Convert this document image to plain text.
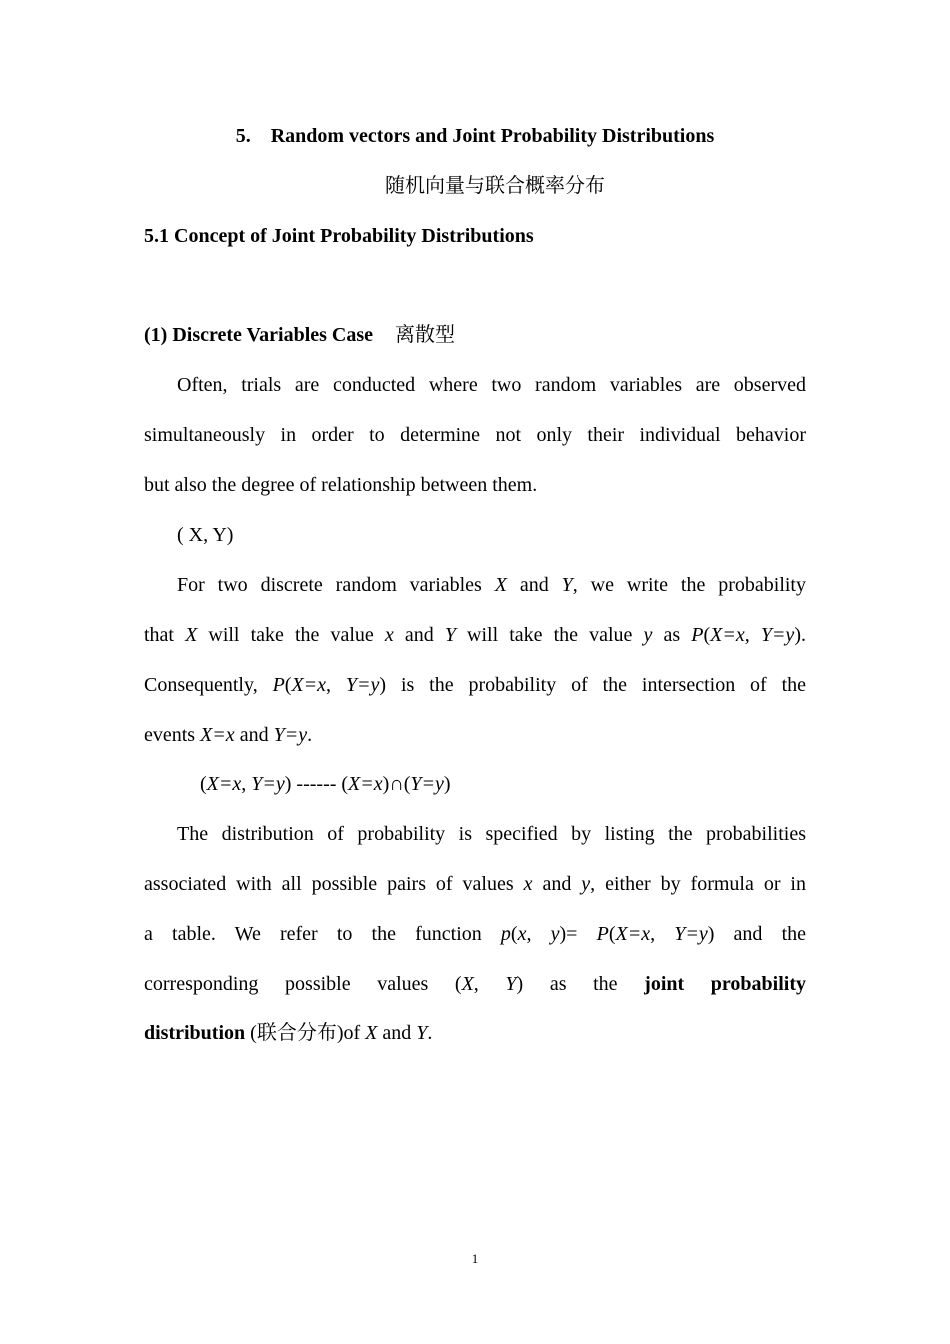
5.　Random vectors and Joint Probability Distributions
随机向量与联合概率分布
5.1 Concept of Joint Probability Distributions
(1) Discrete Variables Case 离散型
Often, trials are conducted where two random variables are observed
simultaneously in order to determine not only their individual behavior
but also the degree of relationship between them.
( X, Y)
For two discrete random variables X and Y, we write the probability
that X will take the value x and Y will take the value y as P(X=x, Y=y).
Consequently, P(X=x, Y=y) is the probability of the intersection of the
events X=x and Y=y.
(X=x, Y=y) ------ (X=x)∩(Y=y)
The distribution of probability is specified by listing the probabilities
associated with all possible pairs of values x and y, either by formula or in
a table. We refer to the function p(x, y)= P(X=x, Y=y) and the
corresponding possible values (X, Y) as the joint probability
distribution (联合分布)of X and Y.
1
